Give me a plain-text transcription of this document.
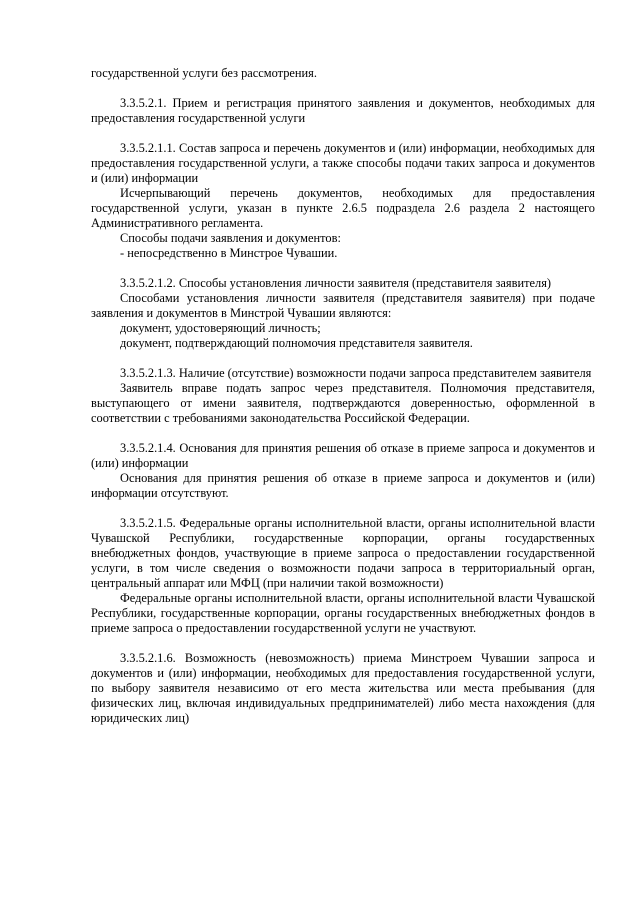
государственной услуги без рассмотрения.

3.3.5.2.1. Прием и регистрация принятого заявления и документов, необходимых для предоставления государственной услуги

3.3.5.2.1.1. Состав запроса и перечень документов и (или) информации, необходимых для предоставления государственной услуги, а также способы подачи таких запроса и документов и (или) информации

Исчерпывающий перечень документов, необходимых для предоставления государственной услуги, указан в пункте 2.6.5 подраздела 2.6 раздела 2 настоящего Административного регламента.

Способы подачи заявления и документов:

- непосредственно в Минстрое Чувашии.

3.3.5.2.1.2. Способы установления личности заявителя (представителя заявителя)

Способами установления личности заявителя (представителя заявителя) при подаче заявления и документов в Минстрой Чувашии являются:

документ, удостоверяющий личность;

документ, подтверждающий полномочия представителя заявителя.

3.3.5.2.1.3. Наличие (отсутствие) возможности подачи запроса представителем заявителя

Заявитель вправе подать запрос через представителя. Полномочия представителя, выступающего от имени заявителя, подтверждаются доверенностью, оформленной в соответствии с требованиями законодательства Российской Федерации.

3.3.5.2.1.4. Основания для принятия решения об отказе в приеме запроса и документов и (или) информации

Основания для принятия решения об отказе в приеме запроса и документов и (или) информации отсутствуют.

3.3.5.2.1.5. Федеральные органы исполнительной власти, органы исполнительной власти Чувашской Республики, государственные корпорации, органы государственных внебюджетных фондов, участвующие в приеме запроса о предоставлении государственной услуги, в том числе сведения о возможности подачи запроса в территориальный орган, центральный аппарат или МФЦ (при наличии такой возможности)

Федеральные органы исполнительной власти, органы исполнительной власти Чувашской Республики, государственные корпорации, органы государственных внебюджетных фондов в приеме запроса о предоставлении государственной услуги не участвуют.

3.3.5.2.1.6. Возможность (невозможность) приема Минстроем Чувашии запроса и документов и (или) информации, необходимых для предоставления государственной услуги, по выбору заявителя независимо от его места жительства или места пребывания (для физических лиц, включая индивидуальных предпринимателей) либо места нахождения (для юридических лиц)
